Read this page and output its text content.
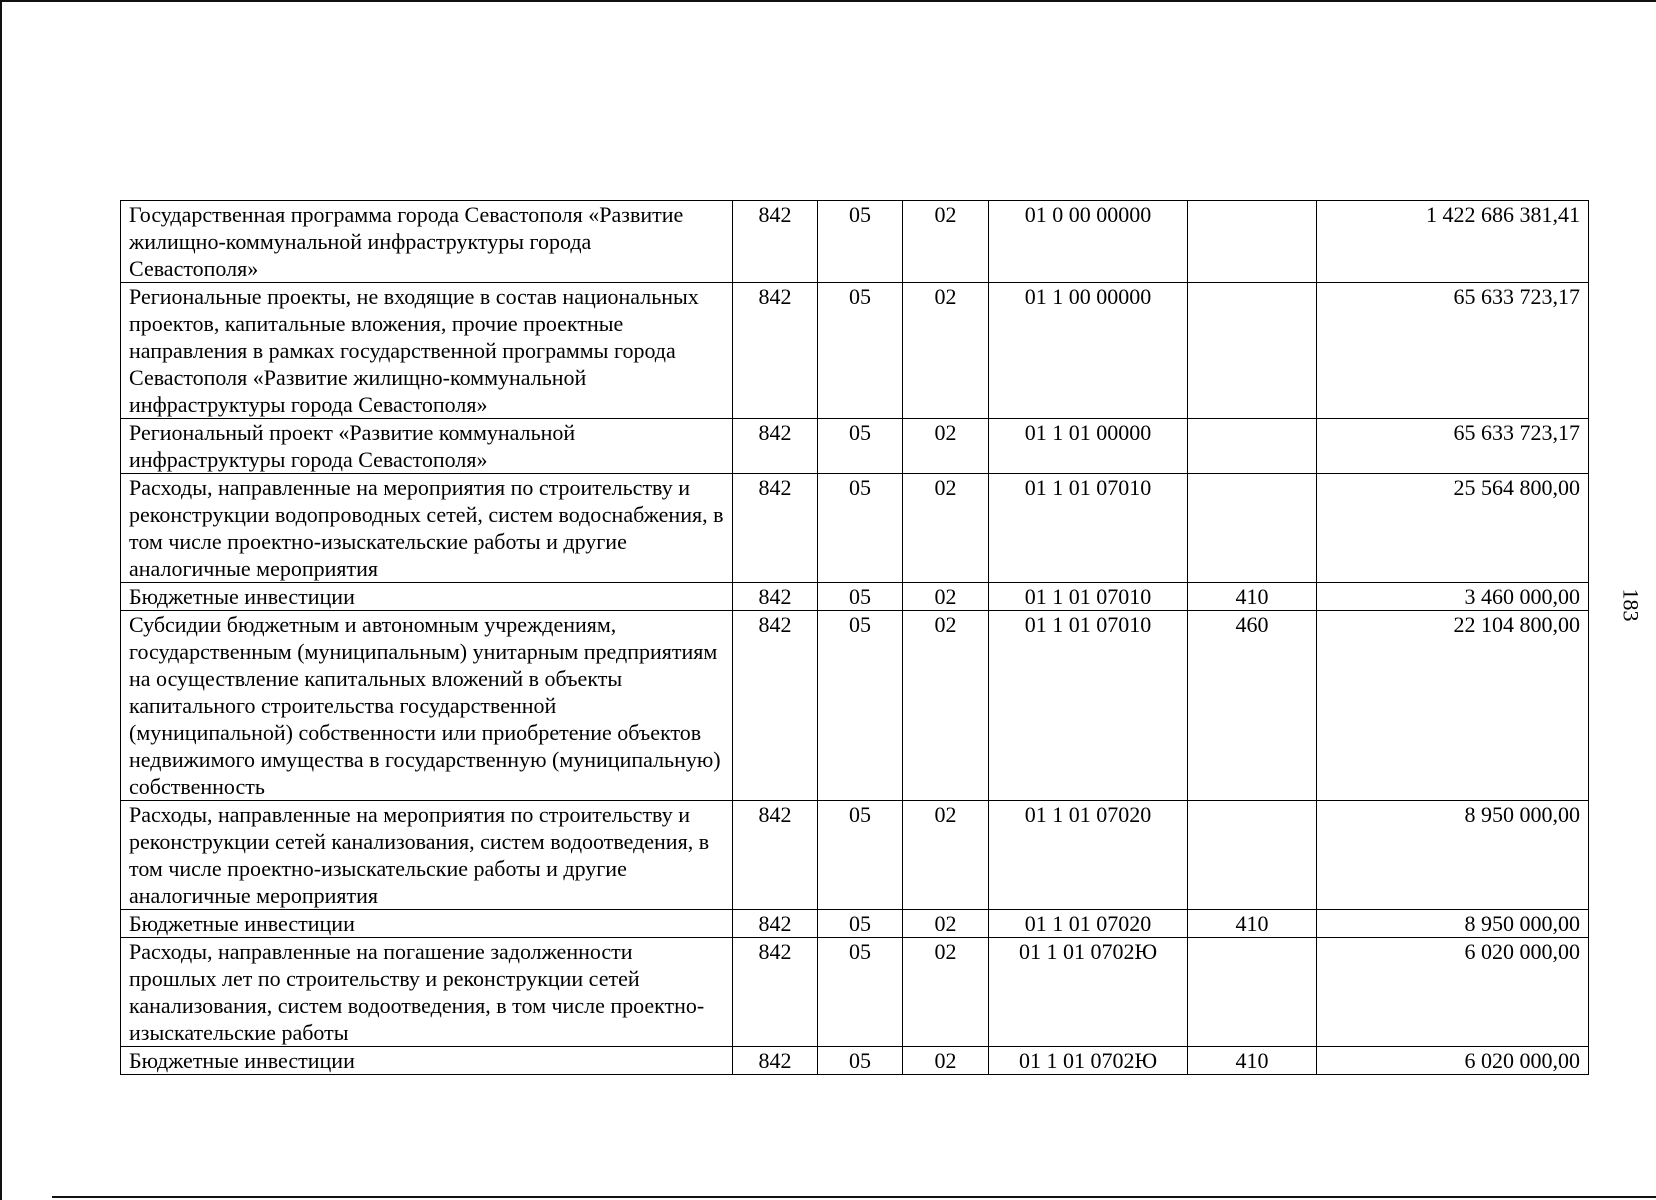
Государственная программа города Севастополя «Развитие жилищно-коммунальной инфраструктуры города Севастополя»	842	05	02	01 0 00 00000		1 422 686 381,41
Региональные проекты, не входящие в состав национальных проектов, капитальные вложения, прочие проектные направления в рамках государственной программы города Севастополя «Развитие жилищно-коммунальной инфраструктуры города Севастополя»	842	05	02	01 1 00 00000		65 633 723,17
Региональный проект «Развитие коммунальной инфраструктуры города Севастополя»	842	05	02	01 1 01 00000		65 633 723,17
Расходы, направленные на мероприятия по строительству и реконструкции водопроводных сетей, систем водоснабжения, в том числе проектно-изыскательские работы и другие аналогичные мероприятия	842	05	02	01 1 01 07010		25 564 800,00
Бюджетные инвестиции	842	05	02	01 1 01 07010	410	3 460 000,00
Субсидии бюджетным и автономным учреждениям, государственным (муниципальным) унитарным предприятиям на осуществление капитальных вложений в объекты капитального строительства государственной (муниципальной) собственности или приобретение объектов недвижимого имущества в государственную (муниципальную) собственность	842	05	02	01 1 01 07010	460	22 104 800,00
Расходы, направленные на мероприятия по строительству и реконструкции сетей канализования, систем водоотведения, в том числе проектно-изыскательские работы и другие аналогичные мероприятия	842	05	02	01 1 01 07020		8 950 000,00
Бюджетные инвестиции	842	05	02	01 1 01 07020	410	8 950 000,00
Расходы, направленные на погашение задолженности прошлых лет по строительству и реконструкции сетей канализования, систем водоотведения, в том числе проектно-изыскательские работы	842	05	02	01 1 01 0702Ю		6 020 000,00
Бюджетные инвестиции	842	05	02	01 1 01 0702Ю	410	6 020 000,00
183
